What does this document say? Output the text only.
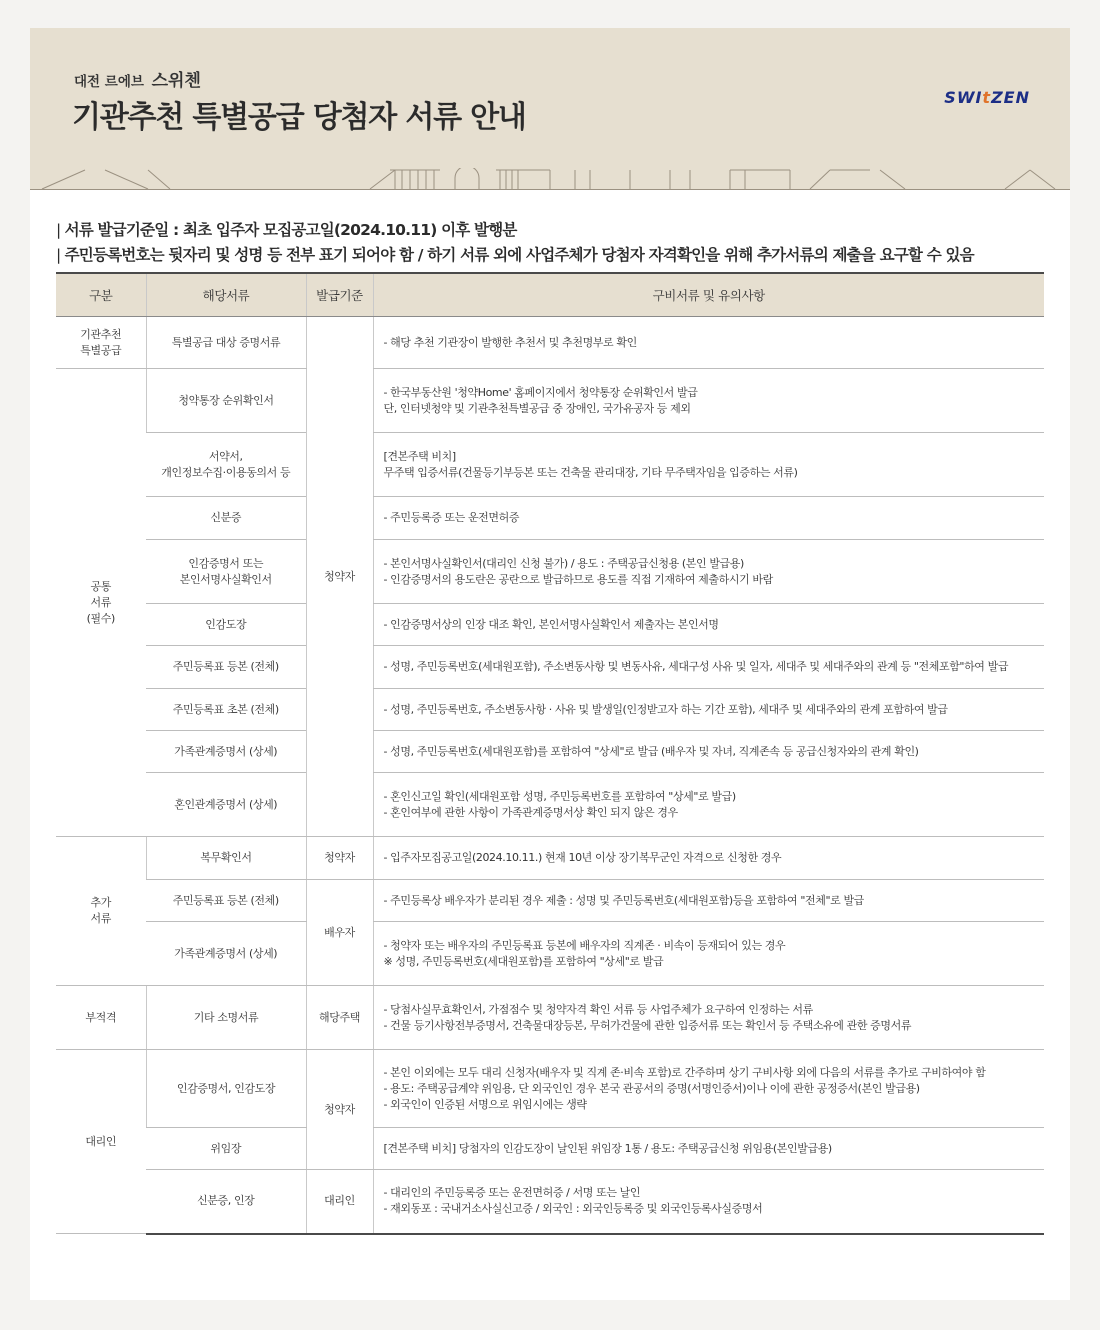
대전 르에브 스위첸
기관추천 특별공급 당첨자 서류 안내
SWItZEN
| 서류 발급기준일 : 최초 입주자 모집공고일(2024.10.11) 이후 발행분
| 주민등록번호는 뒷자리 및 성명 등 전부 표기 되어야 함 / 하기 서류 외에 사업주체가 당첨자 자격확인을 위해 추가서류의 제출을 요구할 수 있음
구분	해당서류	발급기준	구비서류 및 유의사항
기관추천
특별공급	특별공급 대상 증명서류	청약자	- 해당 추천 기관장이 발행한 추천서 및 추천명부로 확인
공통
서류
(필수)	청약통장 순위확인서		- 한국부동산원 '청약Home' 홈페이지에서 청약통장 순위확인서 발급
단, 인터넷청약 및 기관추천특별공급 중 장애인, 국가유공자 등 제외
	서약서,
개인정보수집·이용동의서 등		[견본주택 비치]
무주택 입증서류(건물등기부등본 또는 건축물 관리대장, 기타 무주택자임을 입증하는 서류)
	신분증		- 주민등록증 또는 운전면허증
	인감증명서 또는
본인서명사실확인서		- 본인서명사실확인서(대리인 신청 불가) / 용도 : 주택공급신청용 (본인 발급용)
- 인감증명서의 용도란은 공란으로 발급하므로 용도를 직접 기재하여 제출하시기 바람
	인감도장		- 인감증명서상의 인장 대조 확인, 본인서명사실확인서 제출자는 본인서명
	주민등록표 등본 (전체)		- 성명, 주민등록번호(세대원포함), 주소변동사항 및 변동사유, 세대구성 사유 및 일자, 세대주 및 세대주와의 관계 등 "전체포함"하여 발급
	주민등록표 초본 (전체)		- 성명, 주민등록번호, 주소변동사항 · 사유 및 발생일(인정받고자 하는 기간 포함), 세대주 및 세대주와의 관계 포함하여 발급
	가족관계증명서 (상세)		- 성명, 주민등록번호(세대원포함)를 포함하여 "상세"로 발급 (배우자 및 자녀, 직계존속 등 공급신청자와의 관계 확인)
	혼인관계증명서 (상세)		- 혼인신고일 확인(세대원포함 성명, 주민등록번호를 포함하여 "상세"로 발급)
- 혼인여부에 관한 사항이 가족관계증명서상 확인 되지 않은 경우
추가
서류	복무확인서	청약자	- 입주자모집공고일(2024.10.11.) 현재 10년 이상 장기복무군인 자격으로 신청한 경우
	주민등록표 등본 (전체)	배우자	- 주민등록상 배우자가 분리된 경우 제출 : 성명 및 주민등록번호(세대원포함)등을 포함하여 "전체"로 발급
	가족관계증명서 (상세)		- 청약자 또는 배우자의 주민등록표 등본에 배우자의 직계존 · 비속이 등재되어 있는 경우
※ 성명, 주민등록번호(세대원포함)를 포함하여 "상세"로 발급
부적격	기타 소명서류	해당주택	- 당첨사실무효확인서, 가점점수 및 청약자격 확인 서류 등 사업주체가 요구하여 인정하는 서류
- 건물 등기사항전부증명서, 건축물대장등본, 무허가건물에 관한 입증서류 또는 확인서 등 주택소유에 관한 증명서류
대리인	인감증명서, 인감도장	청약자	- 본인 이외에는 모두 대리 신청자(배우자 및 직계 존·비속 포함)로 간주하며 상기 구비사항 외에 다음의 서류를 추가로 구비하여야 함
- 용도: 주택공급계약 위임용, 단 외국인인 경우 본국 관공서의 증명(서명인증서)이나 이에 관한 공정증서(본인 발급용)
- 외국인이 인증된 서명으로 위임시에는 생략
	위임장		[견본주택 비치] 당첨자의 인감도장이 날인된 위임장 1통 / 용도: 주택공급신청 위임용(본인발급용)
	신분증, 인장	대리인	- 대리인의 주민등록증 또는 운전면허증 / 서명 또는 날인
- 재외동포 : 국내거소사실신고증 / 외국인 : 외국인등록증 및 외국인등록사실증명서
